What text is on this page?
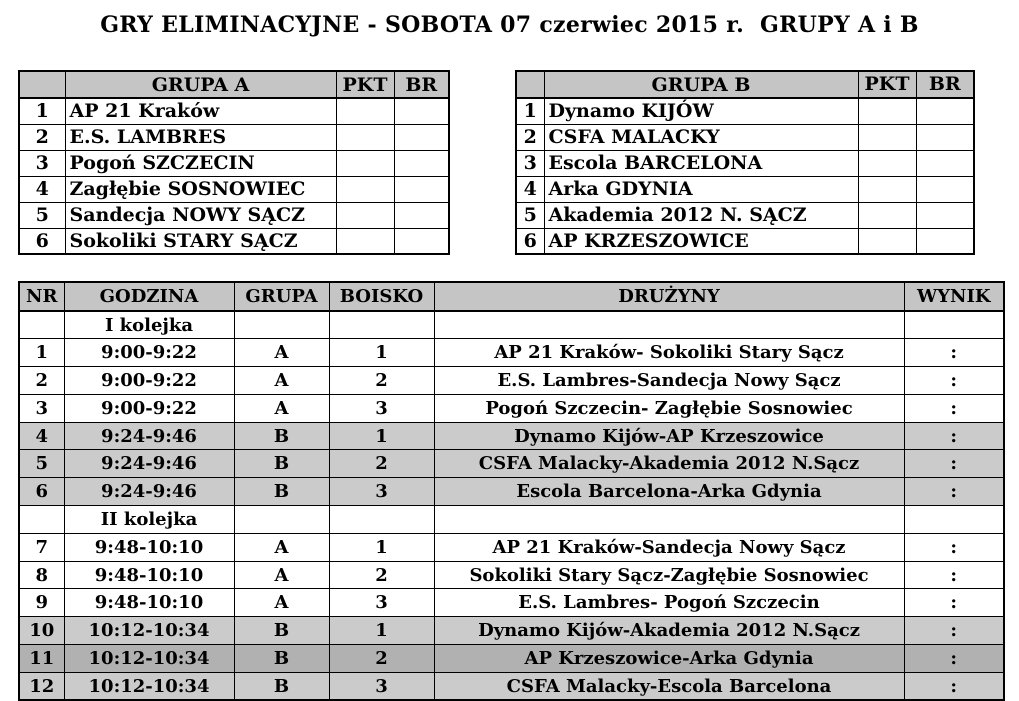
GRY ELIMINACYJNE - SOBOTA 07 czerwiec 2015 r.  GRUPY A i B
	GRUPA A	PKT	BR
1	AP 21 Kraków		
2	E.S. LAMBRES		
3	Pogoń SZCZECIN		
4	Zagłębie SOSNOWIEC		
5	Sandecja NOWY SĄCZ		
6	Sokoliki STARY SĄCZ		
	GRUPA B	PKT	BR
1	Dynamo KIJÓW		
2	CSFA MALACKY		
3	Escola BARCELONA		
4	Arka GDYNIA		
5	Akademia 2012 N. SĄCZ		
6	AP KRZESZOWICE		
NR	GODZINA	GRUPA	BOISKO	DRUŻYNY	WYNIK
	I kolejka				
1	9:00-9:22	A	1	AP 21 Kraków- Sokoliki Stary Sącz	:
2	9:00-9:22	A	2	E.S. Lambres-Sandecja Nowy Sącz	:
3	9:00-9:22	A	3	Pogoń Szczecin- Zagłębie Sosnowiec	:
4	9:24-9:46	B	1	Dynamo Kijów-AP Krzeszowice	:
5	9:24-9:46	B	2	CSFA Malacky-Akademia 2012 N.Sącz	:
6	9:24-9:46	B	3	Escola Barcelona-Arka Gdynia	:
	II kolejka				
7	9:48-10:10	A	1	AP 21 Kraków-Sandecja Nowy Sącz	:
8	9:48-10:10	A	2	Sokoliki Stary Sącz-Zagłębie Sosnowiec	:
9	9:48-10:10	A	3	E.S. Lambres- Pogoń Szczecin	:
10	10:12-10:34	B	1	Dynamo Kijów-Akademia 2012 N.Sącz	:
11	10:12-10:34	B	2	AP Krzeszowice-Arka Gdynia	:
12	10:12-10:34	B	3	CSFA Malacky-Escola Barcelona	:
